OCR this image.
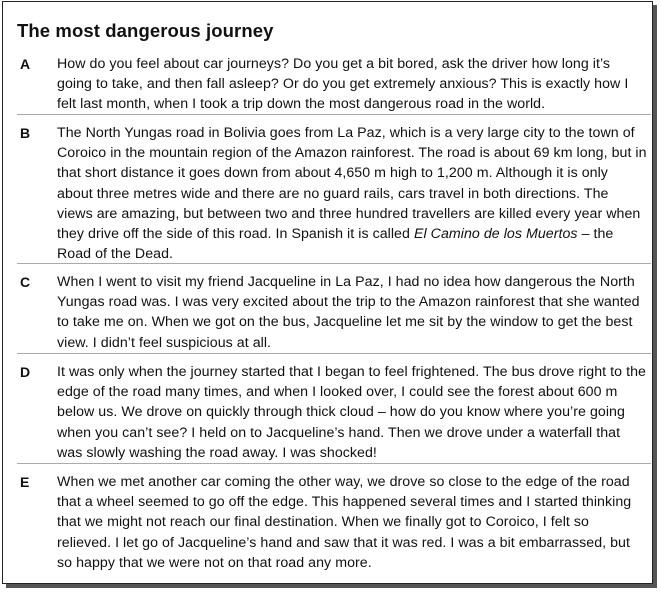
The most dangerous journey
A How do you feel about car journeys? Do you get a bit bored, ask the driver how long it’s going to take, and then fall asleep? Or do you get extremely anxious? This is exactly how I felt last month, when I took a trip down the most dangerous road in the world.

B The North Yungas road in Bolivia goes from La Paz, which is a very large city to the town of Coroico in the mountain region of the Amazon rainforest. The road is about 69 km long, but in that short distance it goes down from about 4,650 m high to 1,200 m. Although it is only about three metres wide and there are no guard rails, cars travel in both directions. The views are amazing, but between two and three hundred travellers are killed every year when they drive off the side of this road. In Spanish it is called El Camino de los Muertos – the Road of the Dead.

C When I went to visit my friend Jacqueline in La Paz, I had no idea how dangerous the North Yungas road was. I was very excited about the trip to the Amazon rainforest that she wanted to take me on. When we got on the bus, Jacqueline let me sit by the window to get the best view. I didn’t feel suspicious at all.

D It was only when the journey started that I began to feel frightened. The bus drove right to the edge of the road many times, and when I looked over, I could see the forest about 600 m below us. We drove on quickly through thick cloud – how do you know where you’re going when you can’t see? I held on to Jacqueline’s hand. Then we drove under a waterfall that was slowly washing the road away. I was shocked!

E When we met another car coming the other way, we drove so close to the edge of the road that a wheel seemed to go off the edge. This happened several times and I started thinking that we might not reach our final destination. When we finally got to Coroico, I felt so relieved. I let go of Jacqueline’s hand and saw that it was red. I was a bit embarrassed, but so happy that we were not on that road any more.
